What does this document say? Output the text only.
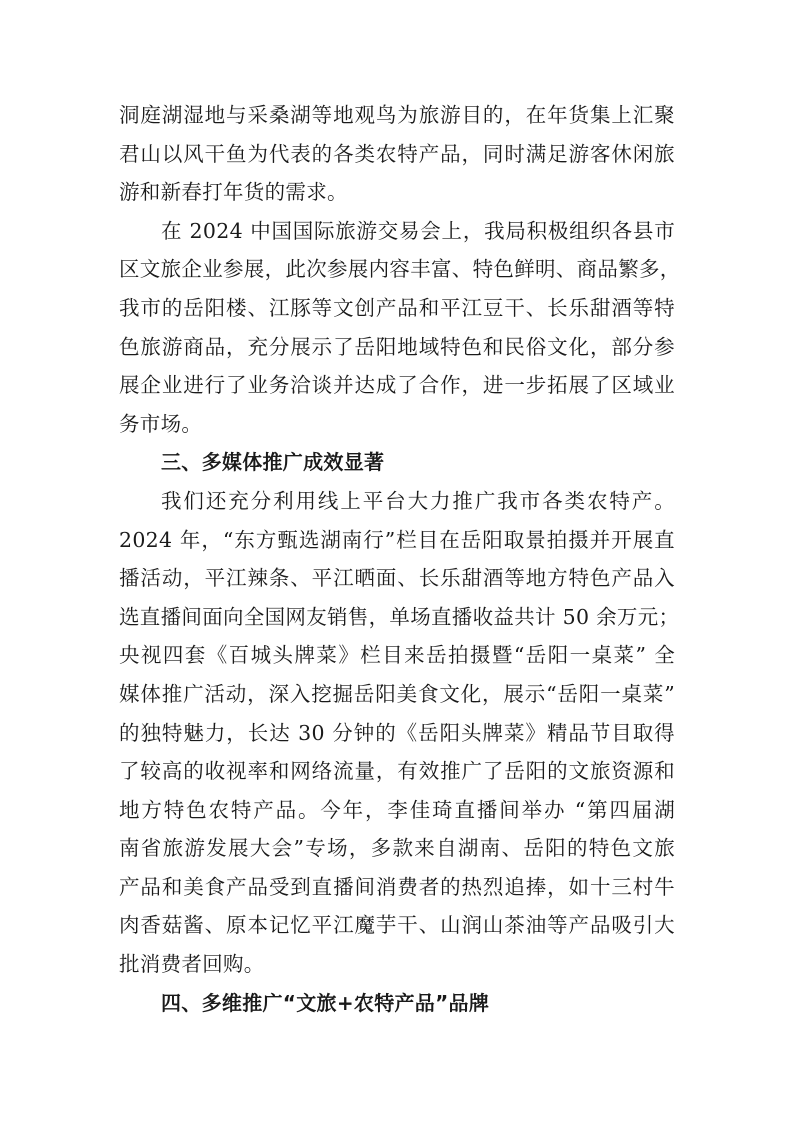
洞庭湖湿地与采桑湖等地观鸟为旅游目的，在年货集上汇聚
君山以风干鱼为代表的各类农特产品，同时满足游客休闲旅
游和新春打年货的需求。
在 2024 中国国际旅游交易会上，我局积极组织各县市
区文旅企业参展，此次参展内容丰富、特色鲜明、商品繁多，
我市的岳阳楼、江豚等文创产品和平江豆干、长乐甜酒等特
色旅游商品，充分展示了岳阳地域特色和民俗文化，部分参
展企业进行了业务洽谈并达成了合作，进一步拓展了区域业
务市场。
三、多媒体推广成效显著
我们还充分利用线上平台大力推广我市各类农特产。
2024 年，“东方甄选湖南行”栏目在岳阳取景拍摄并开展直
播活动，平江辣条、平江晒面、长乐甜酒等地方特色产品入
选直播间面向全国网友销售，单场直播收益共计 50 余万元；
央视四套《百城头牌菜》栏目来岳拍摄暨“岳阳一桌菜” 全
媒体推广活动，深入挖掘岳阳美食文化，展示“岳阳一桌菜”
的独特魅力，长达 30 分钟的《岳阳头牌菜》精品节目取得
了较高的收视率和网络流量，有效推广了岳阳的文旅资源和
地方特色农特产品。今年，李佳琦直播间举办 “第四届湖
南省旅游发展大会”专场，多款来自湖南、岳阳的特色文旅
产品和美食产品受到直播间消费者的热烈追捧，如十三村牛
肉香菇酱、原本记忆平江魔芋干、山润山茶油等产品吸引大
批消费者回购。
四、多维推广“文旅+农特产品”品牌
